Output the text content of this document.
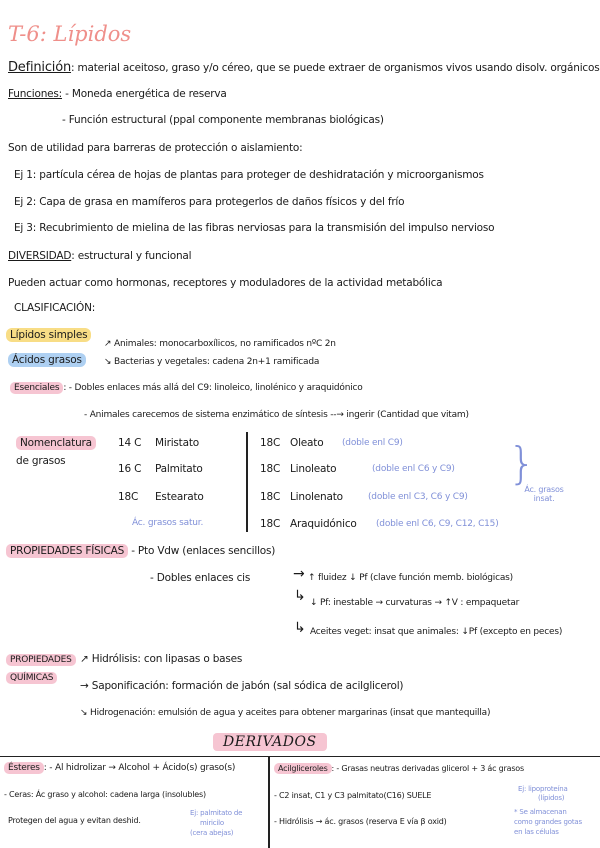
T-6: Lípidos
Definición: material aceitoso, graso y/o céreo, que se puede extraer de organismos vivos usando disolv. orgánicos
Funciones: - Moneda energética de reserva
- Función estructural (ppal componente membranas biológicas)
Son de utilidad para barreras de protección o aislamiento:
Ej 1: partícula cérea de hojas de plantas para proteger de deshidratación y microorganismos
Ej 2: Capa de grasa en mamíferos para protegerlos de daños físicos y del frío
Ej 3: Recubrimiento de mielina de las fibras nerviosas para la transmisión del impulso nervioso
DIVERSIDAD: estructural y funcional
Pueden actuar como hormonas, receptores y moduladores de la actividad metabólica
CLASIFICACIÓN:
Lípidos simples
Ácidos grasos
↗ Animales: monocarboxílicos, no ramificados nºC 2n
↘ Bacterias y vegetales: cadena 2n+1 ramificada
Esenciales : - Dobles enlaces más allá del C9: linoleico, linolénico y araquidónico
- Animales carecemos de sistema enzimático de síntesis --→ ingerir (Cantidad que vitam)
Nomenclatura
de grasos
14 C Miristato
16 C Palmitato
18C Estearato
Ác. grasos satur.
18C Oleato (doble enl C9)
18C Linoleato	(doble enl C6 y C9)
18C Linolenato	(doble enl C3, C6 y C9)
18C Araquidónico (doble enl C6, C9, C12, C15)
}
Ác. grasos insat.
PROPIEDADES FÍSICAS - Pto Vdw (enlaces sencillos)
- Dobles enlaces cis	→ ↑ fluidez ↓ Pf (clave función memb. biológicas)
↳ ↓ Pf: inestable → curvaturas → ↑V : empaquetar
↳ Aceites veget: insat que animales: ↓Pf (excepto en peces)
PROPIEDADES
QUÍMICAS
↗ Hidrólisis: con lipasas o bases
→ Saponificación: formación de jabón (sal sódica de acilglicerol)
↘ Hidrogenación: emulsión de agua y aceites para obtener margarinas (insat que mantequilla)
DERIVADOS
Ésteres : - Al hidrolizar → Alcohol + Ácido(s) graso(s)
- Ceras: Ác graso y alcohol: cadena larga (insolubles)
Protegen del agua y evitan deshid.
Ej: palmitato de
miricilo
(cera abejas)
Acilgliceroles : - Grasas neutras derivadas glicerol + 3 ác grasos
- C2 insat, C1 y C3 palmitato(C16) SUELE
- Hidrólisis → ác. grasos (reserva E vía β oxid)
Ej: lipoproteína
(lípidos)
* Se almacenan
como grandes gotas
en las células
